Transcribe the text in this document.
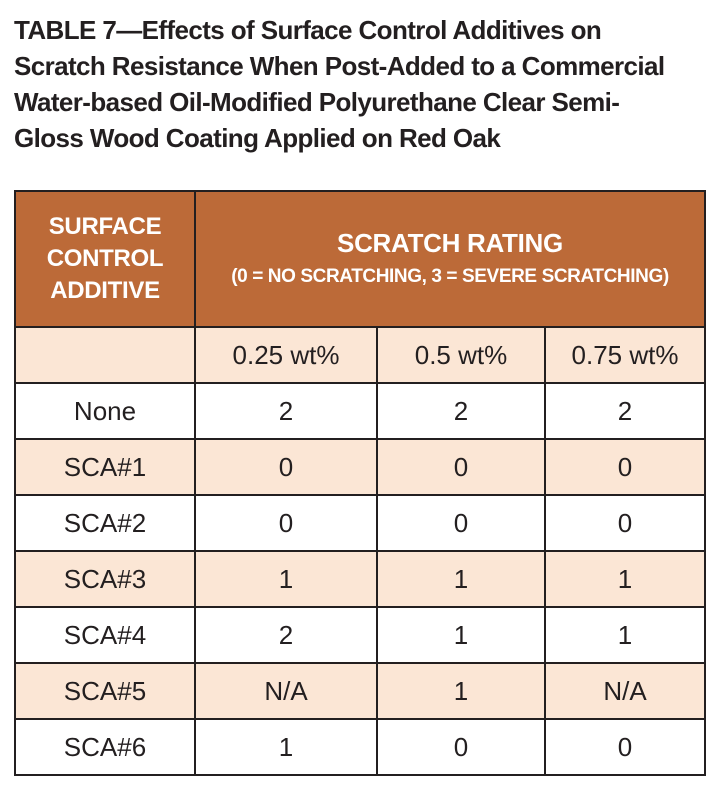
TABLE 7—Effects of Surface Control Additives on
Scratch Resistance When Post-Added to a Commercial
Water-based Oil-Modified Polyurethane Clear Semi-
Gloss Wood Coating Applied on Red Oak
SURFACE
CONTROL
ADDITIVE	SCRATCH RATING
(0 = NO SCRATCHING, 3 = SEVERE SCRATCHING)		

	0.25 wt%	0.5 wt%	0.75 wt%
None	2	2	2
SCA#1	0	0	0
SCA#2	0	0	0
SCA#3	1	1	1
SCA#4	2	1	1
SCA#5	N/A	1	N/A
SCA#6	1	0	0
